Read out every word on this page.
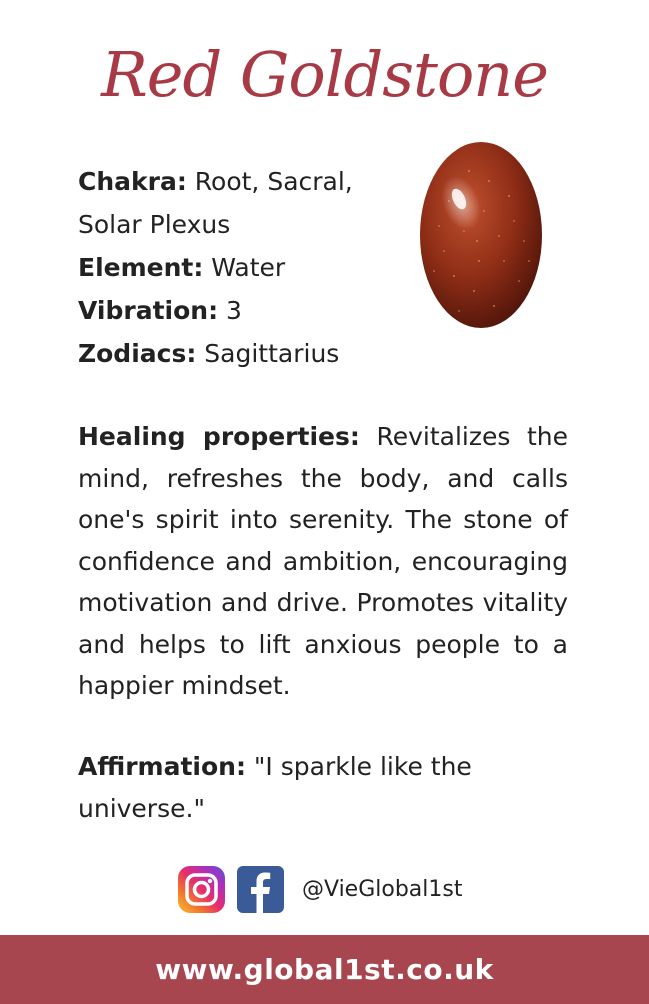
Red Goldstone
Chakra: Root, Sacral,
Solar Plexus
Element: Water
Vibration: 3
Zodiacs: Sagittarius
Healing properties: Revitalizes the mind, refreshes the body, and calls one's spirit into serenity. The stone of confidence and ambition, encouraging motivation and drive. Promotes vitality and helps to lift anxious people to a happier mindset.
Affirmation: "I sparkle like the universe."
@VieGlobal1st
www.global1st.co.uk
